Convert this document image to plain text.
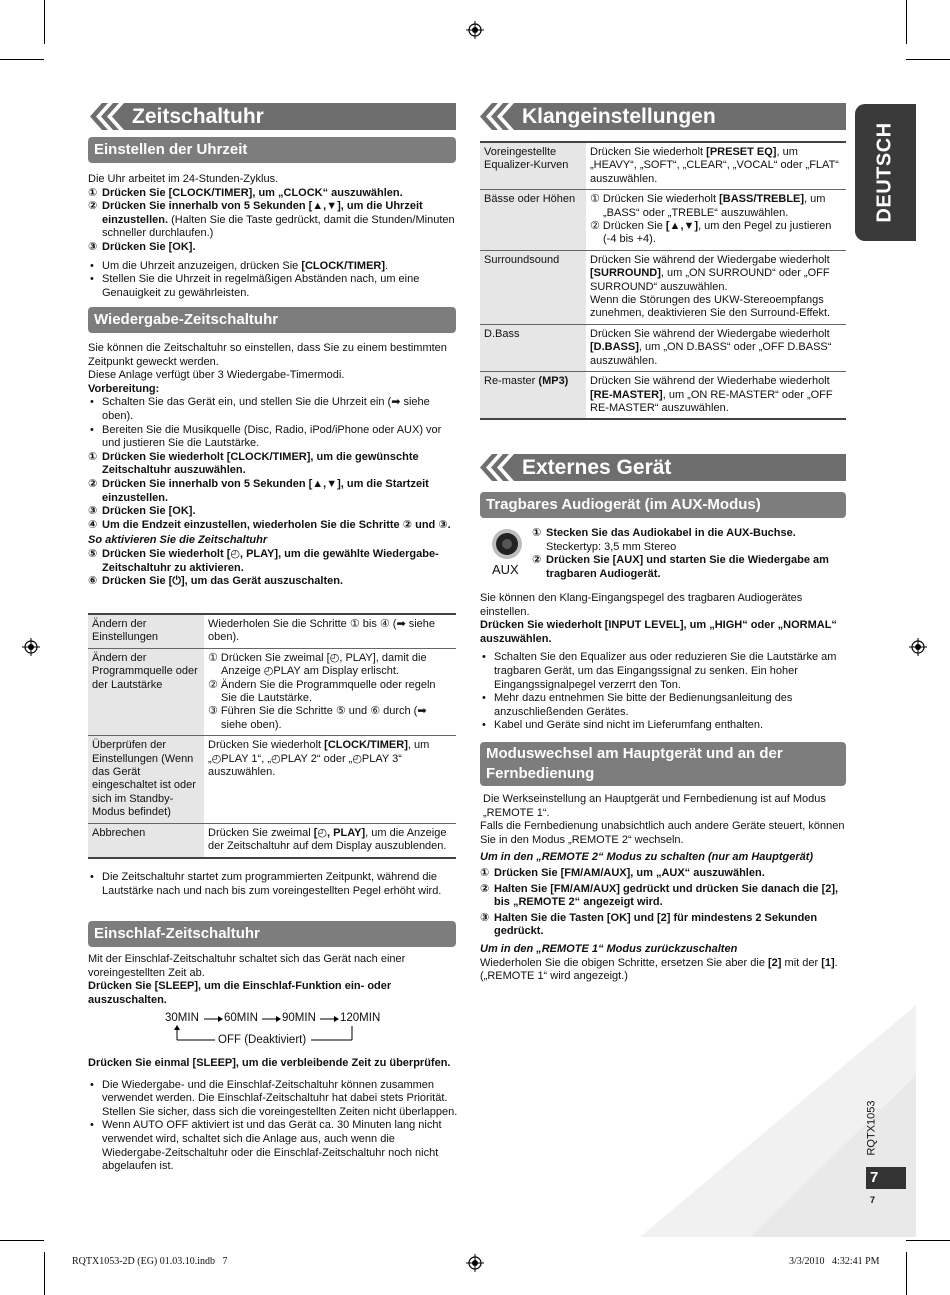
DEUTSCH
Zeitschaltuhr
Einstellen der Uhrzeit

Die Uhr arbeitet im 24-Stunden-Zyklus.

① Drücken Sie [CLOCK/TIMER], um „CLOCK“ auszuwählen.
② Drücken Sie innerhalb von 5 Sekunden [▲,▼], um die Uhrzeit einzustellen. (Halten Sie die Taste gedrückt, damit die Stunden/Minuten schneller durchlaufen.)
③ Drücken Sie [OK].
• Um die Uhrzeit anzuzeigen, drücken Sie [CLOCK/TIMER].
• Stellen Sie die Uhrzeit in regelmäßigen Abständen nach, um eine Genauigkeit zu gewährleisten.
Wiedergabe-Zeitschaltuhr

Sie können die Zeitschaltuhr so einstellen, dass Sie zu einem bestimmten Zeitpunkt geweckt werden.

Diese Anlage verfügt über 3 Wiedergabe-Timermodi.

Vorbereitung:

• Schalten Sie das Gerät ein, und stellen Sie die Uhrzeit ein (➡ siehe oben).
• Bereiten Sie die Musikquelle (Disc, Radio, iPod/iPhone oder AUX) vor und justieren Sie die Lautstärke.
① Drücken Sie wiederholt [CLOCK/TIMER], um die gewünschte Zeitschaltuhr auszuwählen.
② Drücken Sie innerhalb von 5 Sekunden [▲,▼], um die Startzeit einzustellen.
③ Drücken Sie [OK].
④ Um die Endzeit einzustellen, wiederholen Sie die Schritte ② und ③.

So aktivieren Sie die Zeitschaltuhr

⑤ Drücken Sie wiederholt [◴, PLAY], um die gewählte Wiedergabe-Zeitschaltuhr zu aktivieren.
⑥ Drücken Sie [⏻], um das Gerät auszuschalten.
Ändern der Einstellungen	Wiederholen Sie die Schritte ① bis ④ (➡ siehe oben).
Ändern der Programmquelle oder der Lautstärke	① Drücken Sie zweimal [◴, PLAY], damit die Anzeige ◴PLAY am Display erlischt.
② Ändern Sie die Programmquelle oder regeln Sie die Lautstärke.
③ Führen Sie die Schritte ⑤ und ⑥ durch (➡ siehe oben).

Überprüfen der Einstellungen (Wenn das Gerät eingeschaltet ist oder sich im Standby-Modus befindet)	Drücken Sie wiederholt [CLOCK/TIMER], um „◴PLAY 1“, „◴PLAY 2“ oder „◴PLAY 3“ auszuwählen.
Abbrechen	Drücken Sie zweimal [◴, PLAY], um die Anzeige der Zeitschaltuhr auf dem Display auszublenden.
• Die Zeitschaltuhr startet zum programmierten Zeitpunkt, während die Lautstärke nach und nach bis zum voreingestellten Pegel erhöht wird.
Einschlaf-Zeitschaltuhr

Mit der Einschlaf-Zeitschaltuhr schaltet sich das Gerät nach einer voreingestellten Zeit ab.

Drücken Sie [SLEEP], um die Einschlaf-Funktion ein- oder auszuschalten.

30MIN 60MIN 90MIN 120MIN
OFF (Deaktiviert)

Drücken Sie einmal [SLEEP], um die verbleibende Zeit zu überprüfen.

• Die Wiedergabe- und die Einschlaf-Zeitschaltuhr können zusammen verwendet werden. Die Einschlaf-Zeitschaltuhr hat dabei stets Priorität. Stellen Sie sicher, dass sich die voreingestellten Zeiten nicht überlappen.
• Wenn AUTO OFF aktiviert ist und das Gerät ca. 30 Minuten lang nicht verwendet wird, schaltet sich die Anlage aus, auch wenn die Wiedergabe-Zeitschaltuhr oder die Einschlaf-Zeitschaltuhr noch nicht abgelaufen ist.
Klangeinstellungen
Voreingestellte Equalizer-Kurven	Drücken Sie wiederholt [PRESET EQ], um „HEAVY“, „SOFT“, „CLEAR“, „VOCAL“ oder „FLAT“ auszuwählen.
Bässe oder Höhen	① Drücken Sie wiederholt [BASS/TREBLE], um „BASS“ oder „TREBLE“ auszuwählen.
② Drücken Sie [▲,▼], um den Pegel zu justieren (-4 bis +4).

Surroundsound	Drücken Sie während der Wiedergabe wiederholt [SURROUND], um „ON SURROUND“ oder „OFF SURROUND“ auszuwählen.
Wenn die Störungen des UKW-Stereoempfangs zunehmen, deaktivieren Sie den Surround-Effekt.
D.Bass	Drücken Sie während der Wiedergabe wiederholt [D.BASS], um „ON D.BASS“ oder „OFF D.BASS“ auszuwählen.
Re-master (MP3)	Drücken Sie während der Wiederhabe wiederholt [RE-MASTER], um „ON RE-MASTER“ oder „OFF RE-MASTER“ auszuwählen.
Externes Gerät
Tragbares Audiogerät (im AUX-Modus)
AUX
① Stecken Sie das Audiokabel in die AUX-Buchse.
Steckertyp: 3,5 mm Stereo
② Drücken Sie [AUX] und starten Sie die Wiedergabe am tragbaren Audiogerät.

Sie können den Klang-Eingangspegel des tragbaren Audiogerätes einstellen.

Drücken Sie wiederholt [INPUT LEVEL], um „HIGH“ oder „NORMAL“ auszuwählen.

• Schalten Sie den Equalizer aus oder reduzieren Sie die Lautstärke am tragbaren Gerät, um das Eingangssignal zu senken. Ein hoher Eingangssignalpegel verzerrt den Ton.
• Mehr dazu entnehmen Sie bitte der Bedienungsanleitung des anzuschließenden Gerätes.
• Kabel und Geräte sind nicht im Lieferumfang enthalten.
Moduswechsel am Hauptgerät und an der
Fernbedienung

Die Werkseinstellung an Hauptgerät und Fernbedienung ist auf Modus „REMOTE 1“.

Falls die Fernbedienung unabsichtlich auch andere Geräte steuert, können Sie in den Modus „REMOTE 2“ wechseln.

Um in den „REMOTE 2“ Modus zu schalten (nur am Hauptgerät)

① Drücken Sie [FM/AM/AUX], um „AUX“ auszuwählen.
② Halten Sie [FM/AM/AUX] gedrückt und drücken Sie danach die [2], bis „REMOTE 2“ angezeigt wird.
③ Halten Sie die Tasten [OK] und [2] für mindestens 2 Sekunden gedrückt.

Um in den „REMOTE 1“ Modus zurückzuschalten

Wiederholen Sie die obigen Schritte, ersetzen Sie aber die [2] mit der [1].

(„REMOTE 1“ wird angezeigt.)

RQTX1053
7
7
RQTX1053-2D (EG) 01.03.10.indb   7	3/3/2010   4:32:41 PM
